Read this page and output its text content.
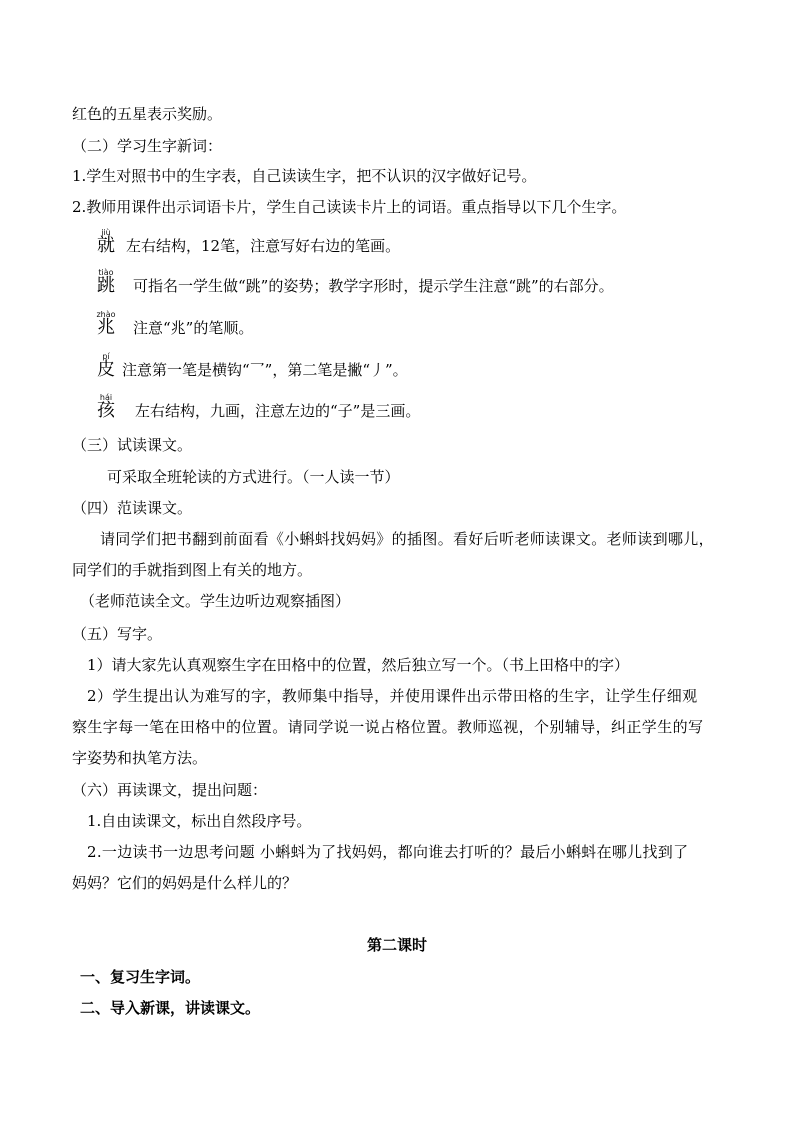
红色的五星表示奖励。
（二）学习生字新词：
1.学生对照书中的生字表，自己读读生字，把不认识的汉字做好记号。
2.教师用课件出示词语卡片，学生自己读读卡片上的词语。重点指导以下几个生字。
jiù
就 左右结构，12笔，注意写好右边的笔画。
tiào
跳 可指名一学生做“跳”的姿势；教学字形时，提示学生注意“跳”的右部分。
zhào
兆 注意“兆”的笔顺。
pí
皮 注意第一笔是横钩“乛”，第二笔是撇“丿”。
hái
孩 左右结构，九画，注意左边的“子”是三画。
（三）试读课文。
可采取全班轮读的方式进行。（一人读一节）
（四）范读课文。
请同学们把书翻到前面看《小蝌蚪找妈妈》的插图。看好后听老师读课文。老师读到哪儿，
同学们的手就指到图上有关的地方。
（老师范读全文。学生边听边观察插图）
（五）写字。
1）请大家先认真观察生字在田格中的位置，然后独立写一个。（书上田格中的字）
2）学生提出认为难写的字，教师集中指导，并使用课件出示带田格的生字，让学生仔细观
察生字每一笔在田格中的位置。请同学说一说占格位置。教师巡视，个别辅导，纠正学生的写
字姿势和执笔方法。
（六）再读课文，提出问题：
1.自由读课文，标出自然段序号。
2.一边读书一边思考问题 小蝌蚪为了找妈妈，都向谁去打听的？最后小蝌蚪在哪儿找到了
妈妈？它们的妈妈是什么样儿的？
第二课时
一、复习生字词。
二、导入新课，讲读课文。
